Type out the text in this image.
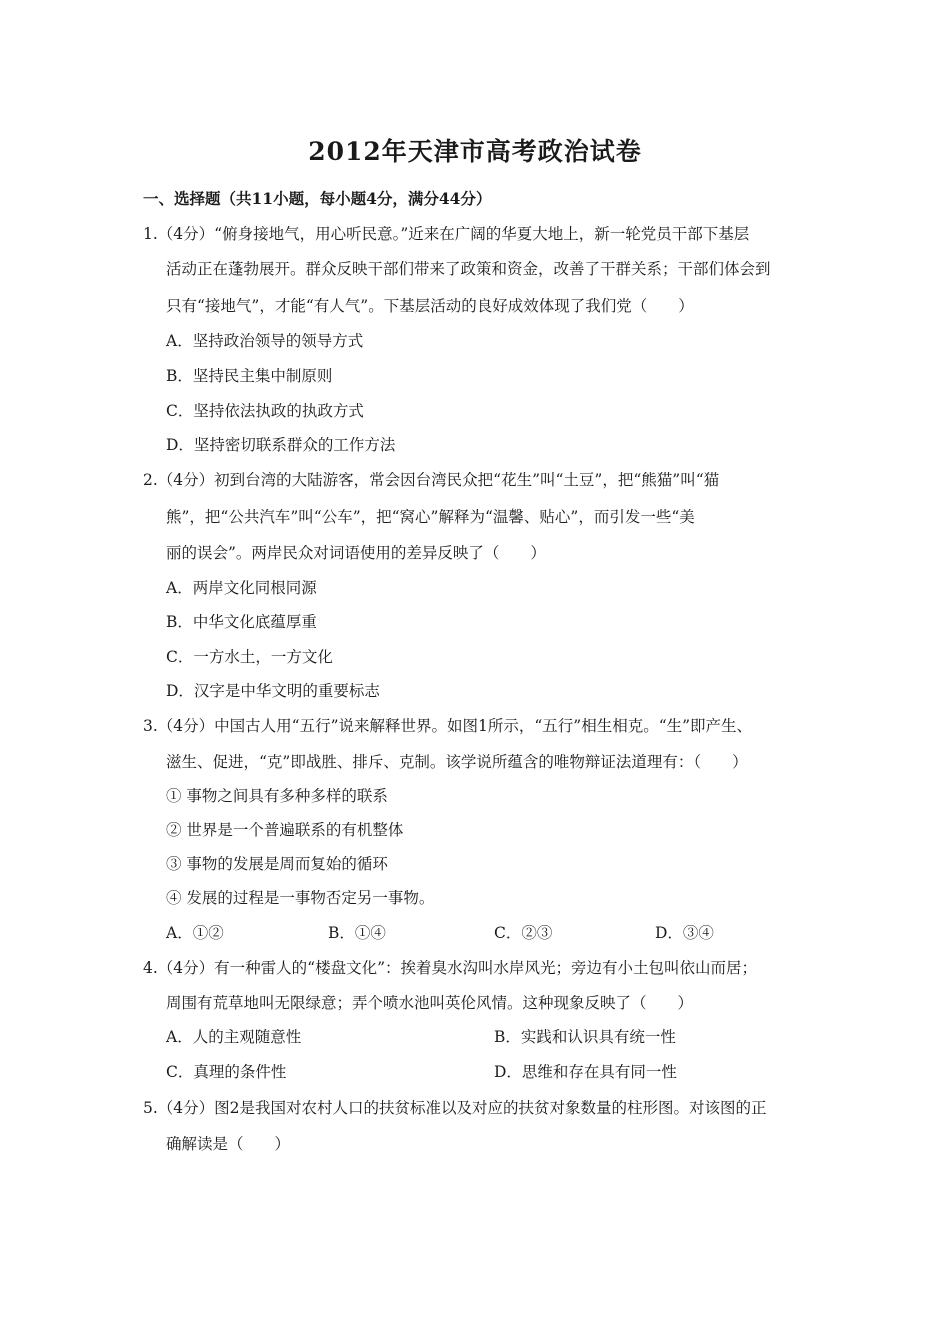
2012年天津市高考政治试卷
一、选择题（共11小题，每小题4分，满分44分）
1.（4分）“俯身接地气，用心听民意。”近来在广阔的华夏大地上，新一轮党员干部下基层
活动正在蓬勃展开。群众反映干部们带来了政策和资金，改善了干群关系；干部们体会到
只有“接地气”，才能“有人气”。下基层活动的良好成效体现了我们党（　　）
A．坚持政治领导的领导方式
B．坚持民主集中制原则
C．坚持依法执政的执政方式
D．坚持密切联系群众的工作方法
2.（4分）初到台湾的大陆游客，常会因台湾民众把“花生”叫“土豆”，把“熊猫”叫“猫
熊”，把“公共汽车”叫“公车”，把“窝心”解释为“温馨、贴心”，而引发一些“美
丽的误会”。两岸民众对词语使用的差异反映了（　　）
A．两岸文化同根同源
B．中华文化底蕴厚重
C．一方水土，一方文化
D．汉字是中华文明的重要标志
3.（4分）中国古人用“五行”说来解释世界。如图1所示，“五行”相生相克。“生”即产生、
滋生、促进，“克”即战胜、排斥、克制。该学说所蕴含的唯物辩证法道理有：（　　）
① 事物之间具有多种多样的联系
② 世界是一个普遍联系的有机整体
③ 事物的发展是周而复始的循环
④ 发展的过程是一事物否定另一事物。
A．①②	B．①④	C．②③	D．③④
4.（4分）有一种雷人的“楼盘文化”：挨着臭水沟叫水岸风光；旁边有小土包叫依山而居；
周围有荒草地叫无限绿意；弄个喷水池叫英伦风情。这种现象反映了（　　）
A．人的主观随意性	B．实践和认识具有统一性
C．真理的条件性	D．思维和存在具有同一性
5.（4分）图2是我国对农村人口的扶贫标准以及对应的扶贫对象数量的柱形图。对该图的正
确解读是（　　）
